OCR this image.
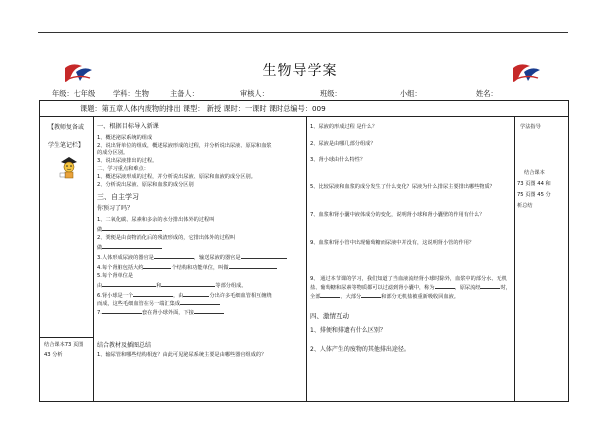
生物导学案
年级：七年级 学科：生物	主备人：	审核人：	班级：	小组：	姓名：
课题：第五章人体内废物的排出 课型： 新授 课时：一课时 课时总编号：009
【教师复备或
学生笔记栏】
结合课本73 页图
43 分析
一、根据目标导入新课
1、概述泌尿系统的组成
2、说出肾单位的组成，概述尿液形成的过程，并分析说出尿液、原尿和血浆
的成分区别。
3、说出尿液排出的过程。
二、学习重点和难点：
1、概述尿液形成的过程，并分析说出尿液、原尿和血液的成分区别。
2、分析说出尿液、原尿和血浆的成分区别
三、自主学习
你预习了吗？
1、二氧化碳、尿素和多余的水分排出体外的过程叫
做
2、粪便是由食物消化后的残渣形成的，它排出体外的过程叫
做
3.人体形成尿液的器官是	，输送尿液的器官是
4.每个肾脏包括大约	个结构和功能单位，叫做
5.每个肾单位是
由	和	等部分组成。
6.肾小球是一个	，由	分出许多毛细血管相互缠绕
而成，这些毛细血管在另一端汇集成
7.	套在肾小球外面，下接
结合教材及插图总结
1、输尿管和哪些结构相连？由此可见泌尿系统主要是由哪些器官组成的？
1、尿液的形成过程 是什么？
2、尿液是由哪几部分组成？
3、肾小球由什么特性？
5、比较尿液和血浆的成分发生了什么变化？尿液为什么排尿主要排出哪些物质？
7、血浆和肾小囊中液体成分的变化，说明肾小球和肾小囊壁的作用有什么？
9、血浆和肾小管中出现葡萄糖而尿液中并没有，这说明肾小管的作用？
9、 通过本节课的学习，我们知道了当血液流经肾小球时除外，血浆中的部分水、无机盐、葡萄糖和尿素等物质都可以过滤到肾小囊中，称为	，原尿流经	时，全部	、大部分	和部分无机盐被重新吸收回血液。
四、激情互动
1、排便和排遗有什么区别？
2、人体产生的废物的其他排出途径。
学法指导
结合课本
73 页图 44 和
75 页图 45 分
析总结
